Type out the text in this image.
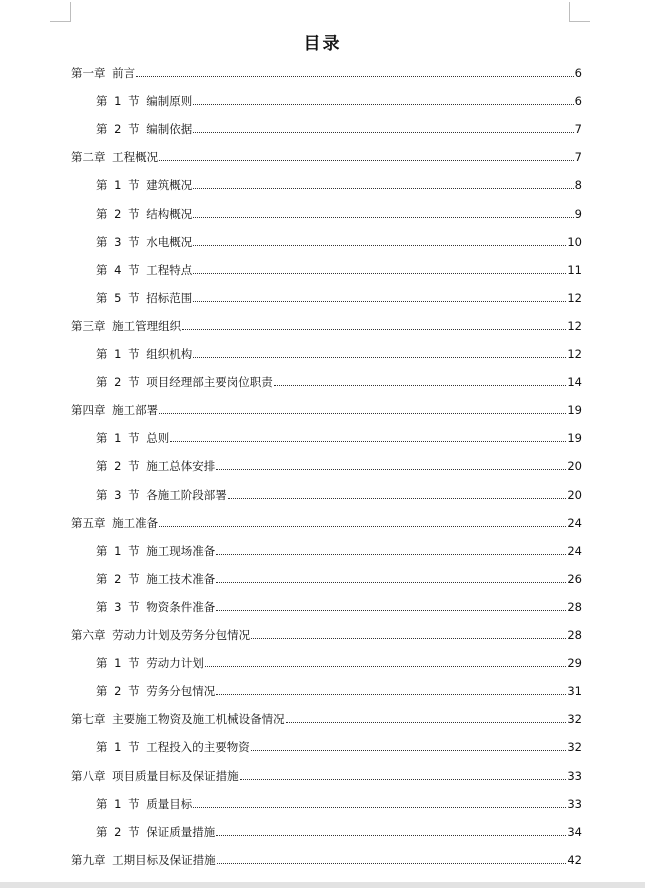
目录
第一章 前言	6
第 1 节 编制原则	6
第 2 节 编制依据	7
第二章 工程概况	7
第 1 节 建筑概况	8
第 2 节 结构概况	9
第 3 节 水电概况	10
第 4 节 工程特点	11
第 5 节 招标范围	12
第三章 施工管理组织	12
第 1 节 组织机构	12
第 2 节 项目经理部主要岗位职责	14
第四章 施工部署	19
第 1 节 总则	19
第 2 节 施工总体安排	20
第 3 节 各施工阶段部署	20
第五章 施工准备	24
第 1 节 施工现场准备	24
第 2 节 施工技术准备	26
第 3 节 物资条件准备	28
第六章 劳动力计划及劳务分包情况	28
第 1 节 劳动力计划	29
第 2 节 劳务分包情况	31
第七章 主要施工物资及施工机械设备情况	32
第 1 节 工程投入的主要物资	32
第八章 项目质量目标及保证措施	33
第 1 节 质量目标	33
第 2 节 保证质量措施	34
第九章 工期目标及保证措施	42
